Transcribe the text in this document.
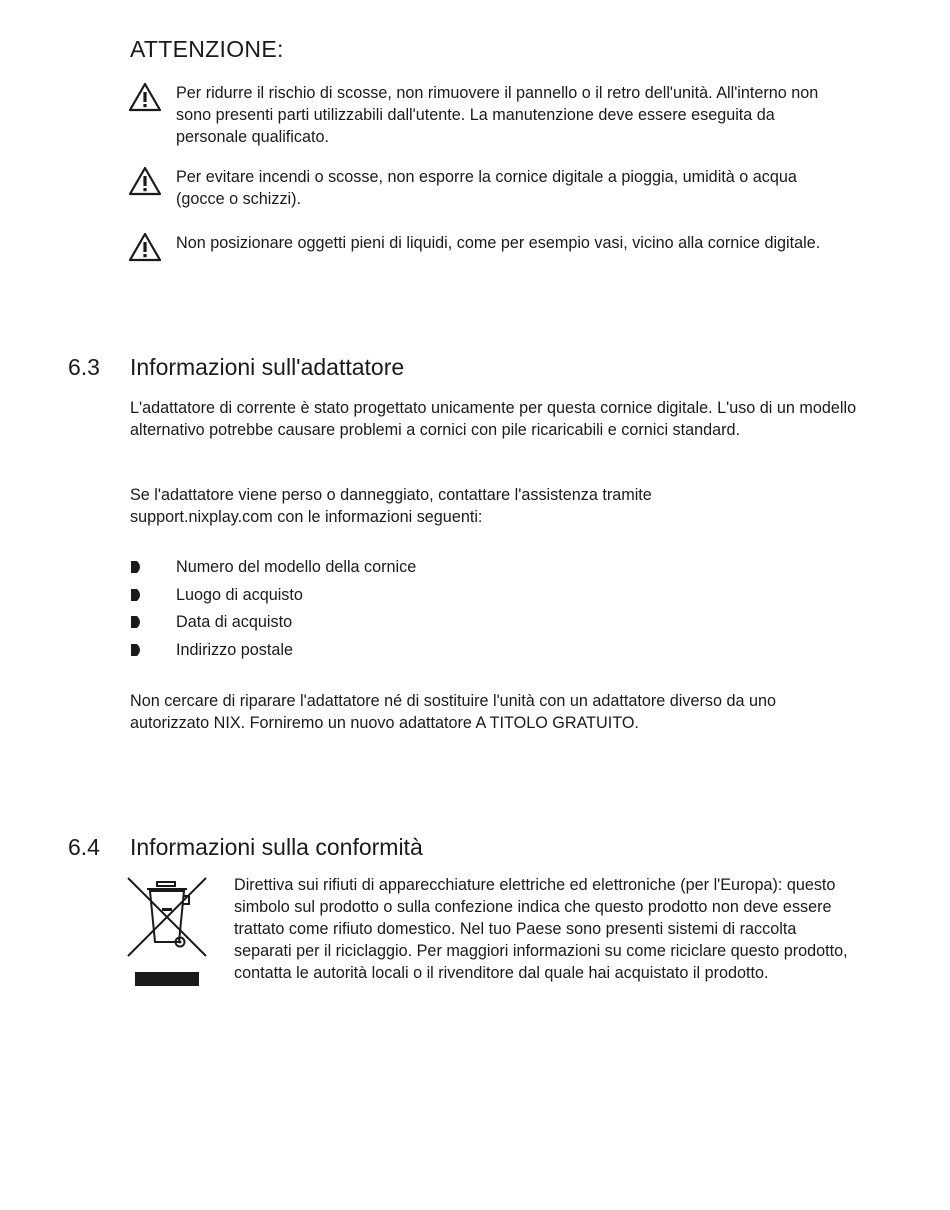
ATTENZIONE:
Per ridurre il rischio di scosse, non rimuovere il pannello o il retro dell'unità. All'interno non sono presenti parti utilizzabili dall'utente. La manutenzione deve essere eseguita da personale qualificato.
Per evitare incendi o scosse, non esporre la cornice digitale a pioggia, umidità o acqua (gocce o schizzi).
Non posizionare oggetti pieni di liquidi, come per esempio vasi, vicino alla cornice digitale.
6.3 Informazioni sull'adattatore
L'adattatore di corrente è stato progettato unicamente per questa cornice digitale. L'uso di un modello alternativo potrebbe causare problemi a cornici con pile ricaricabili e cornici standard.
Se l'adattatore viene perso o danneggiato, contattare l'assistenza tramite support.nixplay.com con le informazioni seguenti:
Numero del modello della cornice
Luogo di acquisto
Data di acquisto
Indirizzo postale
Non cercare di riparare l'adattatore né di sostituire l'unità con un adattatore diverso da uno autorizzato NIX. Forniremo un nuovo adattatore A TITOLO GRATUITO.
6.4 Informazioni sulla conformità
Direttiva sui rifiuti di apparecchiature elettriche ed elettroniche (per l'Europa): questo simbolo sul prodotto o sulla confezione indica che questo prodotto non deve essere trattato come rifiuto domestico. Nel tuo Paese sono presenti sistemi di raccolta separati per il riciclaggio. Per maggiori informazioni su come riciclare questo prodotto, contatta le autorità locali o il rivenditore dal quale hai acquistato il prodotto.
